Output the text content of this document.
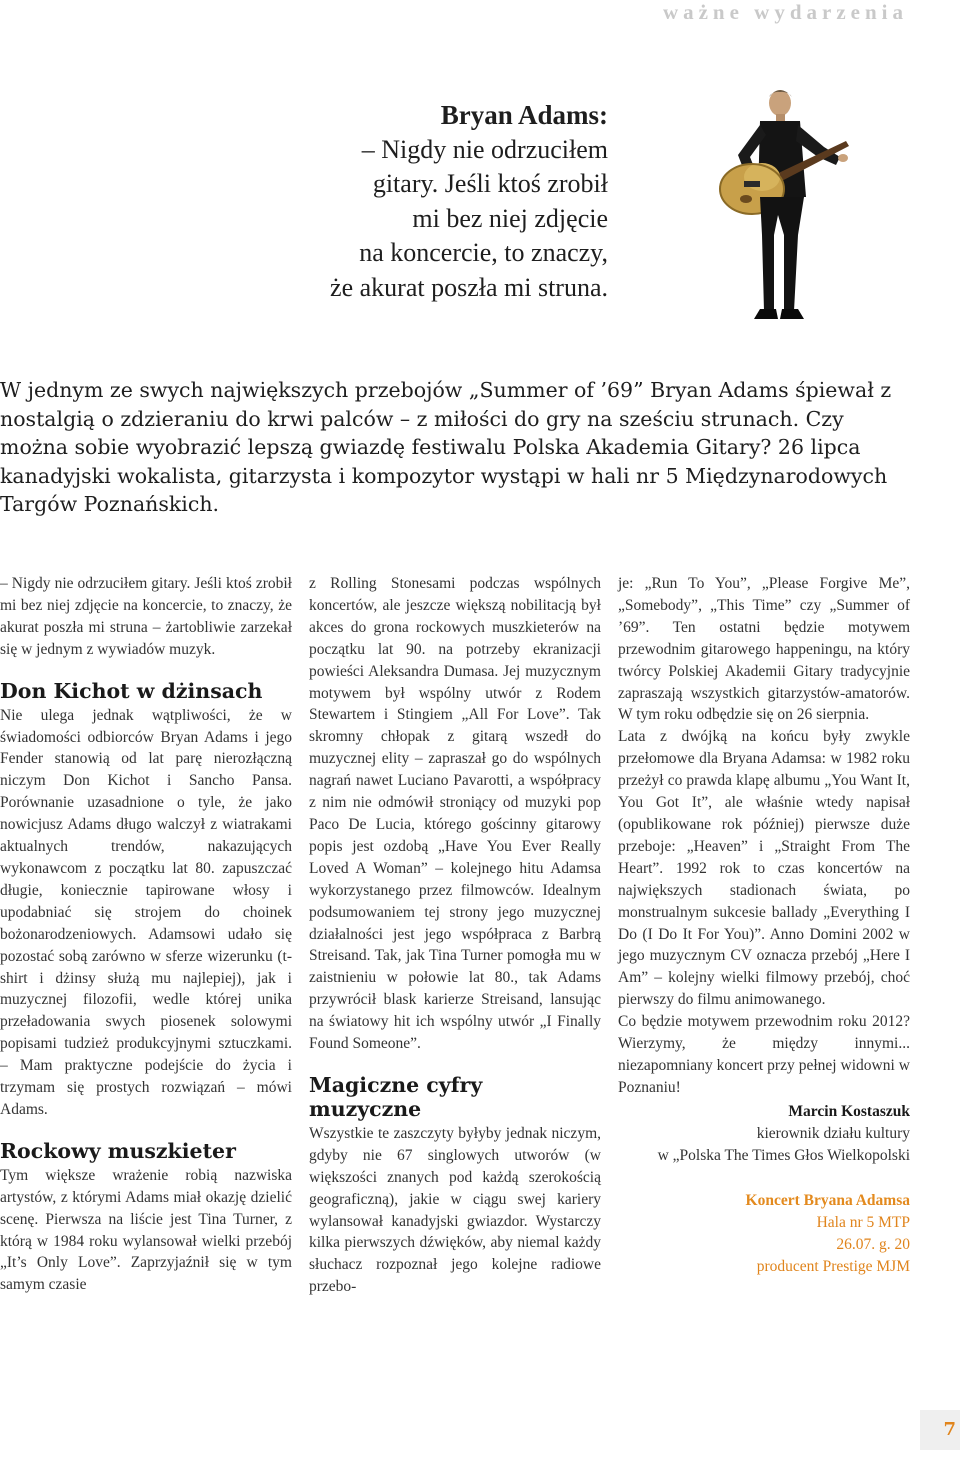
ważne wydarzenia
Bryan Adams:
– Nigdy nie odrzuciłem
gitary. Jeśli ktoś zrobił
mi bez niej zdjęcie
na koncercie, to znaczy,
że akurat poszła mi struna.

W jednym ze swych największych przebojów „Summer of ’69” Bryan Adams śpiewał z nostalgią o zdzieraniu do krwi palców – z miłości do gry na sześciu strunach. Czy można sobie wyobrazić lepszą gwiazdę festiwalu Polska Akademia Gitary? 26 lipca kanadyjski wokalista, gitarzysta i kompozytor wystąpi w hali nr 5 Międzynarodowych Targów Poznańskich.

– Nigdy nie odrzuciłem gitary. Jeśli ktoś zrobił mi bez niej zdjęcie na koncercie, to znaczy, że akurat poszła mi struna – żartobliwie zarzekał się w jednym z wywiadów muzyk.

Don Kichot w dżinsach

Nie ulega jednak wątpliwości, że w świadomości odbiorców Bryan Adams i jego Fender stanowią od lat parę nierozłączną niczym Don Kichot i Sancho Pansa. Porównanie uzasadnione o tyle, że jako nowicjusz Adams długo walczył z wiatrakami aktualnych trendów, nakazujących wykonawcom z początku lat 80. zapuszczać długie, koniecznie tapirowane włosy i upodabniać się strojem do choinek bożonarodzeniowych. Adamsowi udało się pozostać sobą zarówno w sferze wizerunku (t-shirt i dżinsy służą mu najlepiej), jak i muzycznej filozofii, wedle której unika przeładowania swych piosenek solowymi popisami tudzież produkcyjnymi sztuczkami. – Mam praktyczne podejście do życia i trzymam się prostych rozwiązań – mówi Adams.

Rockowy muszkieter

Tym większe wrażenie robią nazwiska artystów, z którymi Adams miał okazję dzielić scenę. Pierwsza na liście jest Tina Turner, z którą w 1984 roku wylansował wielki przebój „It’s Only Love”. Zaprzyjaźnił się w tym samym czasie

z Rolling Stonesami podczas wspólnych koncertów, ale jeszcze większą nobilitacją był akces do grona rockowych muszkieterów na początku lat 90. na potrzeby ekranizacji powieści Aleksandra Dumasa. Jej muzycznym motywem był wspólny utwór z Rodem Stewartem i Stingiem „All For Love”. Tak skromny chłopak z gitarą wszedł do muzycznej elity – zapraszał go do wspólnych nagrań nawet Luciano Pavarotti, a współpracy z nim nie odmówił stroniący od muzyki pop Paco De Lucia, którego gościnny gitarowy popis jest ozdobą „Have You Ever Really Loved A Woman” – kolejnego hitu Adamsa wykorzystanego przez filmowców. Idealnym podsumowaniem tej strony jego muzycznej działalności jest jego współpraca z Barbrą Streisand. Tak, jak Tina Turner pomogła mu w zaistnieniu w połowie lat 80., tak Adams przywrócił blask karierze Streisand, lansując na światowy hit ich wspólny utwór „I Finally Found Someone”.

Magiczne cyfry muzyczne

Wszystkie te zaszczyty byłyby jednak niczym, gdyby nie 67 singlowych utworów (w większości znanych pod każdą szerokością geograficzną), jakie w ciągu swej kariery wylansował kanadyjski gwiazdor. Wystarczy kilka pierwszych dźwięków, aby niemal każdy słuchacz rozpoznał jego kolejne radiowe przebo-

je: „Run To You”, „Please Forgive Me”, „Somebody”, „This Time” czy „Summer of ’69”. Ten ostatni będzie motywem przewodnim gitarowego happeningu, na który twórcy Polskiej Akademii Gitary tradycyjnie zapraszają wszystkich gitarzystów-amatorów. W tym roku odbędzie się on 26 sierpnia.

Lata z dwójką na końcu były zwykle przełomowe dla Bryana Adamsa: w 1982 roku przeżył co prawda klapę albumu „You Want It, You Got It”, ale właśnie wtedy napisał (opublikowane rok później) pierwsze duże przeboje: „Heaven” i „Straight From The Heart”. 1992 rok to czas koncertów na największych stadionach świata, po monstrualnym sukcesie ballady „Everything I Do (I Do It For You)”. Anno Domini 2002 w jego muzycznym CV oznacza przebój „Here I Am” – kolejny wielki filmowy przebój, choć pierwszy do filmu animowanego.

Co będzie motywem przewodnim roku 2012? Wierzymy, że między innymi... niezapomniany koncert przy pełnej widowni w Poznaniu!

Marcin Kostaszuk
kierownik działu kultury
w „Polska The Times Głos Wielkopolski
Koncert Bryana Adamsa
Hala nr 5 MTP
26.07. g. 20
producent Prestige MJM
7
